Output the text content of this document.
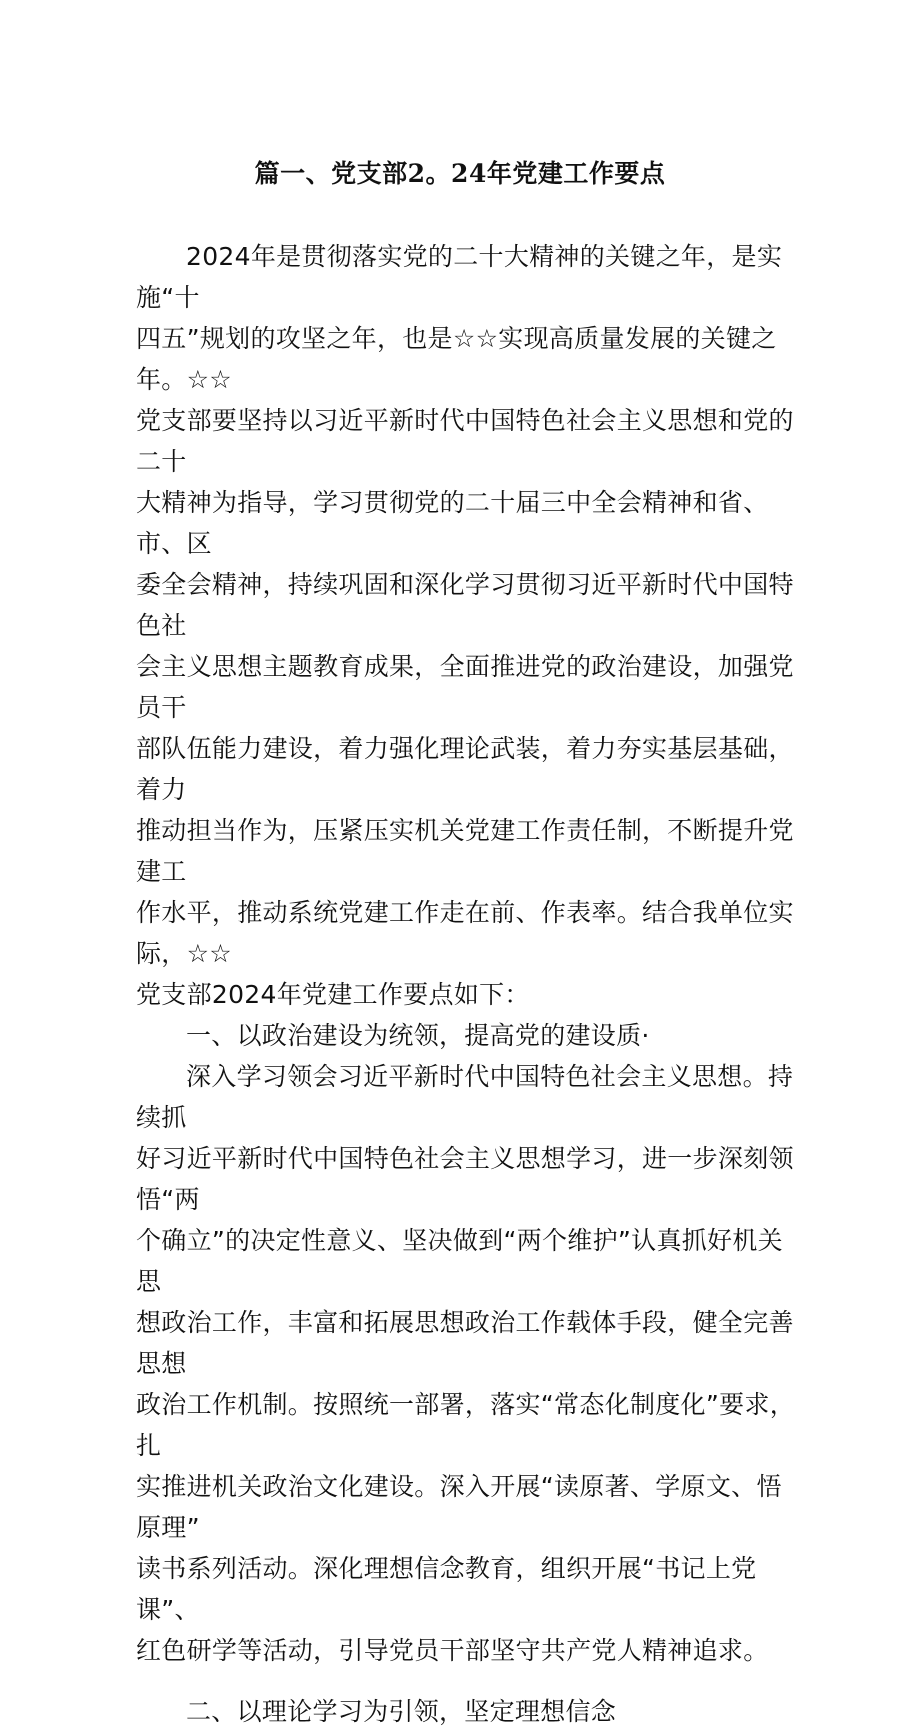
篇一、党支部2。24年党建工作要点

2024年是贯彻落实党的二十大精神的关键之年，是实施“十
四五”规划的攻坚之年，也是☆☆实现高质量发展的关键之年。☆☆
党支部要坚持以习近平新时代中国特色社会主义思想和党的二十
大精神为指导，学习贯彻党的二十届三中全会精神和省、市、区
委全会精神，持续巩固和深化学习贯彻习近平新时代中国特色社
会主义思想主题教育成果，全面推进党的政治建设，加强党员干
部队伍能力建设，着力强化理论武装，着力夯实基层基础，着力
推动担当作为，压紧压实机关党建工作责任制，不断提升党建工
作水平，推动系统党建工作走在前、作表率。结合我单位实际，☆☆
党支部2024年党建工作要点如下：

一、以政治建设为统领，提高党的建设质·

深入学习领会习近平新时代中国特色社会主义思想。持续抓
好习近平新时代中国特色社会主义思想学习，进一步深刻领悟“两
个确立”的决定性意义、坚决做到“两个维护”认真抓好机关思
想政治工作，丰富和拓展思想政治工作载体手段，健全完善思想
政治工作机制。按照统一部署，落实“常态化制度化”要求，扎
实推进机关政治文化建设。深入开展“读原著、学原文、悟原理”
读书系列活动。深化理想信念教育，组织开展“书记上党课”、
红色研学等活动，引导党员干部坚守共产党人精神追求。

二、以理论学习为引领，坚定理想信念
